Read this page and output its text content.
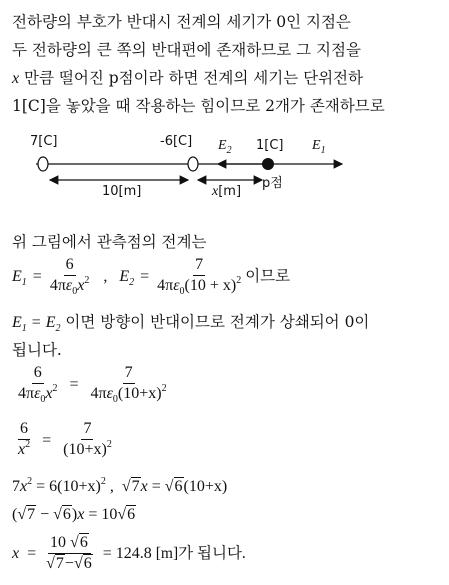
전하량의 부호가 반대시 전계의 세기가 0인 지점은
두 전하량의 큰 쪽의 반대편에 존재하므로 그 지점을
x 만큼 떨어진 p점이라 하면 전계의 세기는 단위전하
1[C]을 놓았을 때 작용하는 힘이므로 2개가 존재하므로
7[C]	-6[C]	1[C]
$E_2$	$E_1$
10[m]	x[m]
p점
위 그림에서 관측점의 전계는
$E_1 = \frac{6}{4\pi\varepsilon_0x^2}$ , $E_2 = \frac{7}{4\pi\varepsilon_0(10 + x)^2}$ 이므로
$E_1 = E_2$ 이면 방향이 반대이므로 전계가 상쇄되어 0이
됩니다.
$\frac{6}{4\pi\varepsilon_0x^2} = \frac{7}{4\pi\varepsilon_0(10+x)^2}$
$\frac{6}{x^2} = \frac{7}{(10+x)^2}$
$7x^2 = 6(10+x)^2$ , √7x = √6(10+x)
(√7 − √6)x = 10√6
$x = \frac{10 √6}{√7-√6} = 124.8$ [m]가 됩니다.
